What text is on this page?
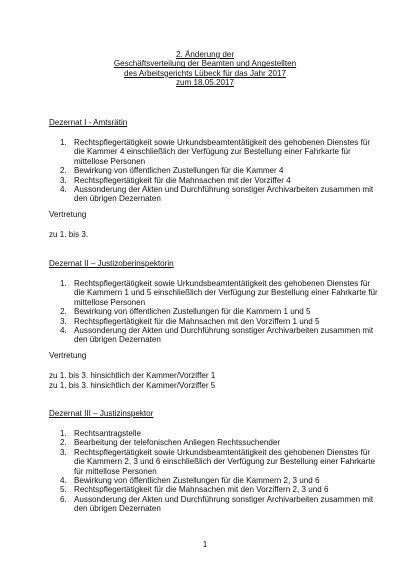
2. Änderung der
Geschäftsverteilung der Beamten und Angestellten
des Arbeitsgerichts Lübeck für das Jahr 2017
zum 18.05.2017
Dezernat I - Amtsrätin
1. Rechtspflegertätigkeit sowie Urkundsbeamtentätigkeit des gehobenen Dienstes für die Kammer 4 einschließlich der Verfügung zur Bestellung einer Fahrkarte für mittellose Personen
2. Bewirkung von öffentlichen Zustellungen für die Kammer 4
3. Rechtspflegertätigkeit für die Mahnsachen mit der Vorziffer 4
4. Aussonderung der Akten und Durchführung sonstiger Archivarbeiten zusammen mit den übrigen Dezernaten
Vertretung
zu 1. bis 3.
Dezernat II – Justizoberinspektorin
1. Rechtspflegertätigkeit sowie Urkundsbeamtentätigkeit des gehobenen Dienstes für die Kammern 1 und 5 einschließlich der Verfügung zur Bestellung einer Fahrkarte für mittellose Personen
2. Bewirkung von öffentlichen Zustellungen für die Kammern 1 und 5
3. Rechtspflegertätigkeit für die Mahnsachen mit den Vorziffern 1 und 5
4. Aussonderung der Akten und Durchführung sonstiger Archivarbeiten zusammen mit den übrigen Dezernaten
Vertretung
zu 1. bis 3. hinsichtlich der Kammer/Vorziffer 1
zu 1. bis 3. hinsichtlich der Kammer/Vorziffer 5
Dezernat III – Justizinspektor
1. Rechtsantragstelle
2. Bearbeitung der telefonischen Anliegen Rechtssuchender
3. Rechtspflegertätigkeit sowie Urkundsbeamtentätigkeit des gehobenen Dienstes für die Kammern 2, 3 und 6 einschließlich der Verfügung zur Bestellung einer Fahrkarte für mittellose Personen
4. Bewirkung von öffentlichen Zustellungen für die Kammern 2, 3 und 6
5. Rechtspflegertätigkeit für die Mahnsachen mit den Vorziffern 2, 3 und 6
6. Aussonderung der Akten und Durchführung sonstiger Archivarbeiten zusammen mit den übrigen Dezernaten
1
